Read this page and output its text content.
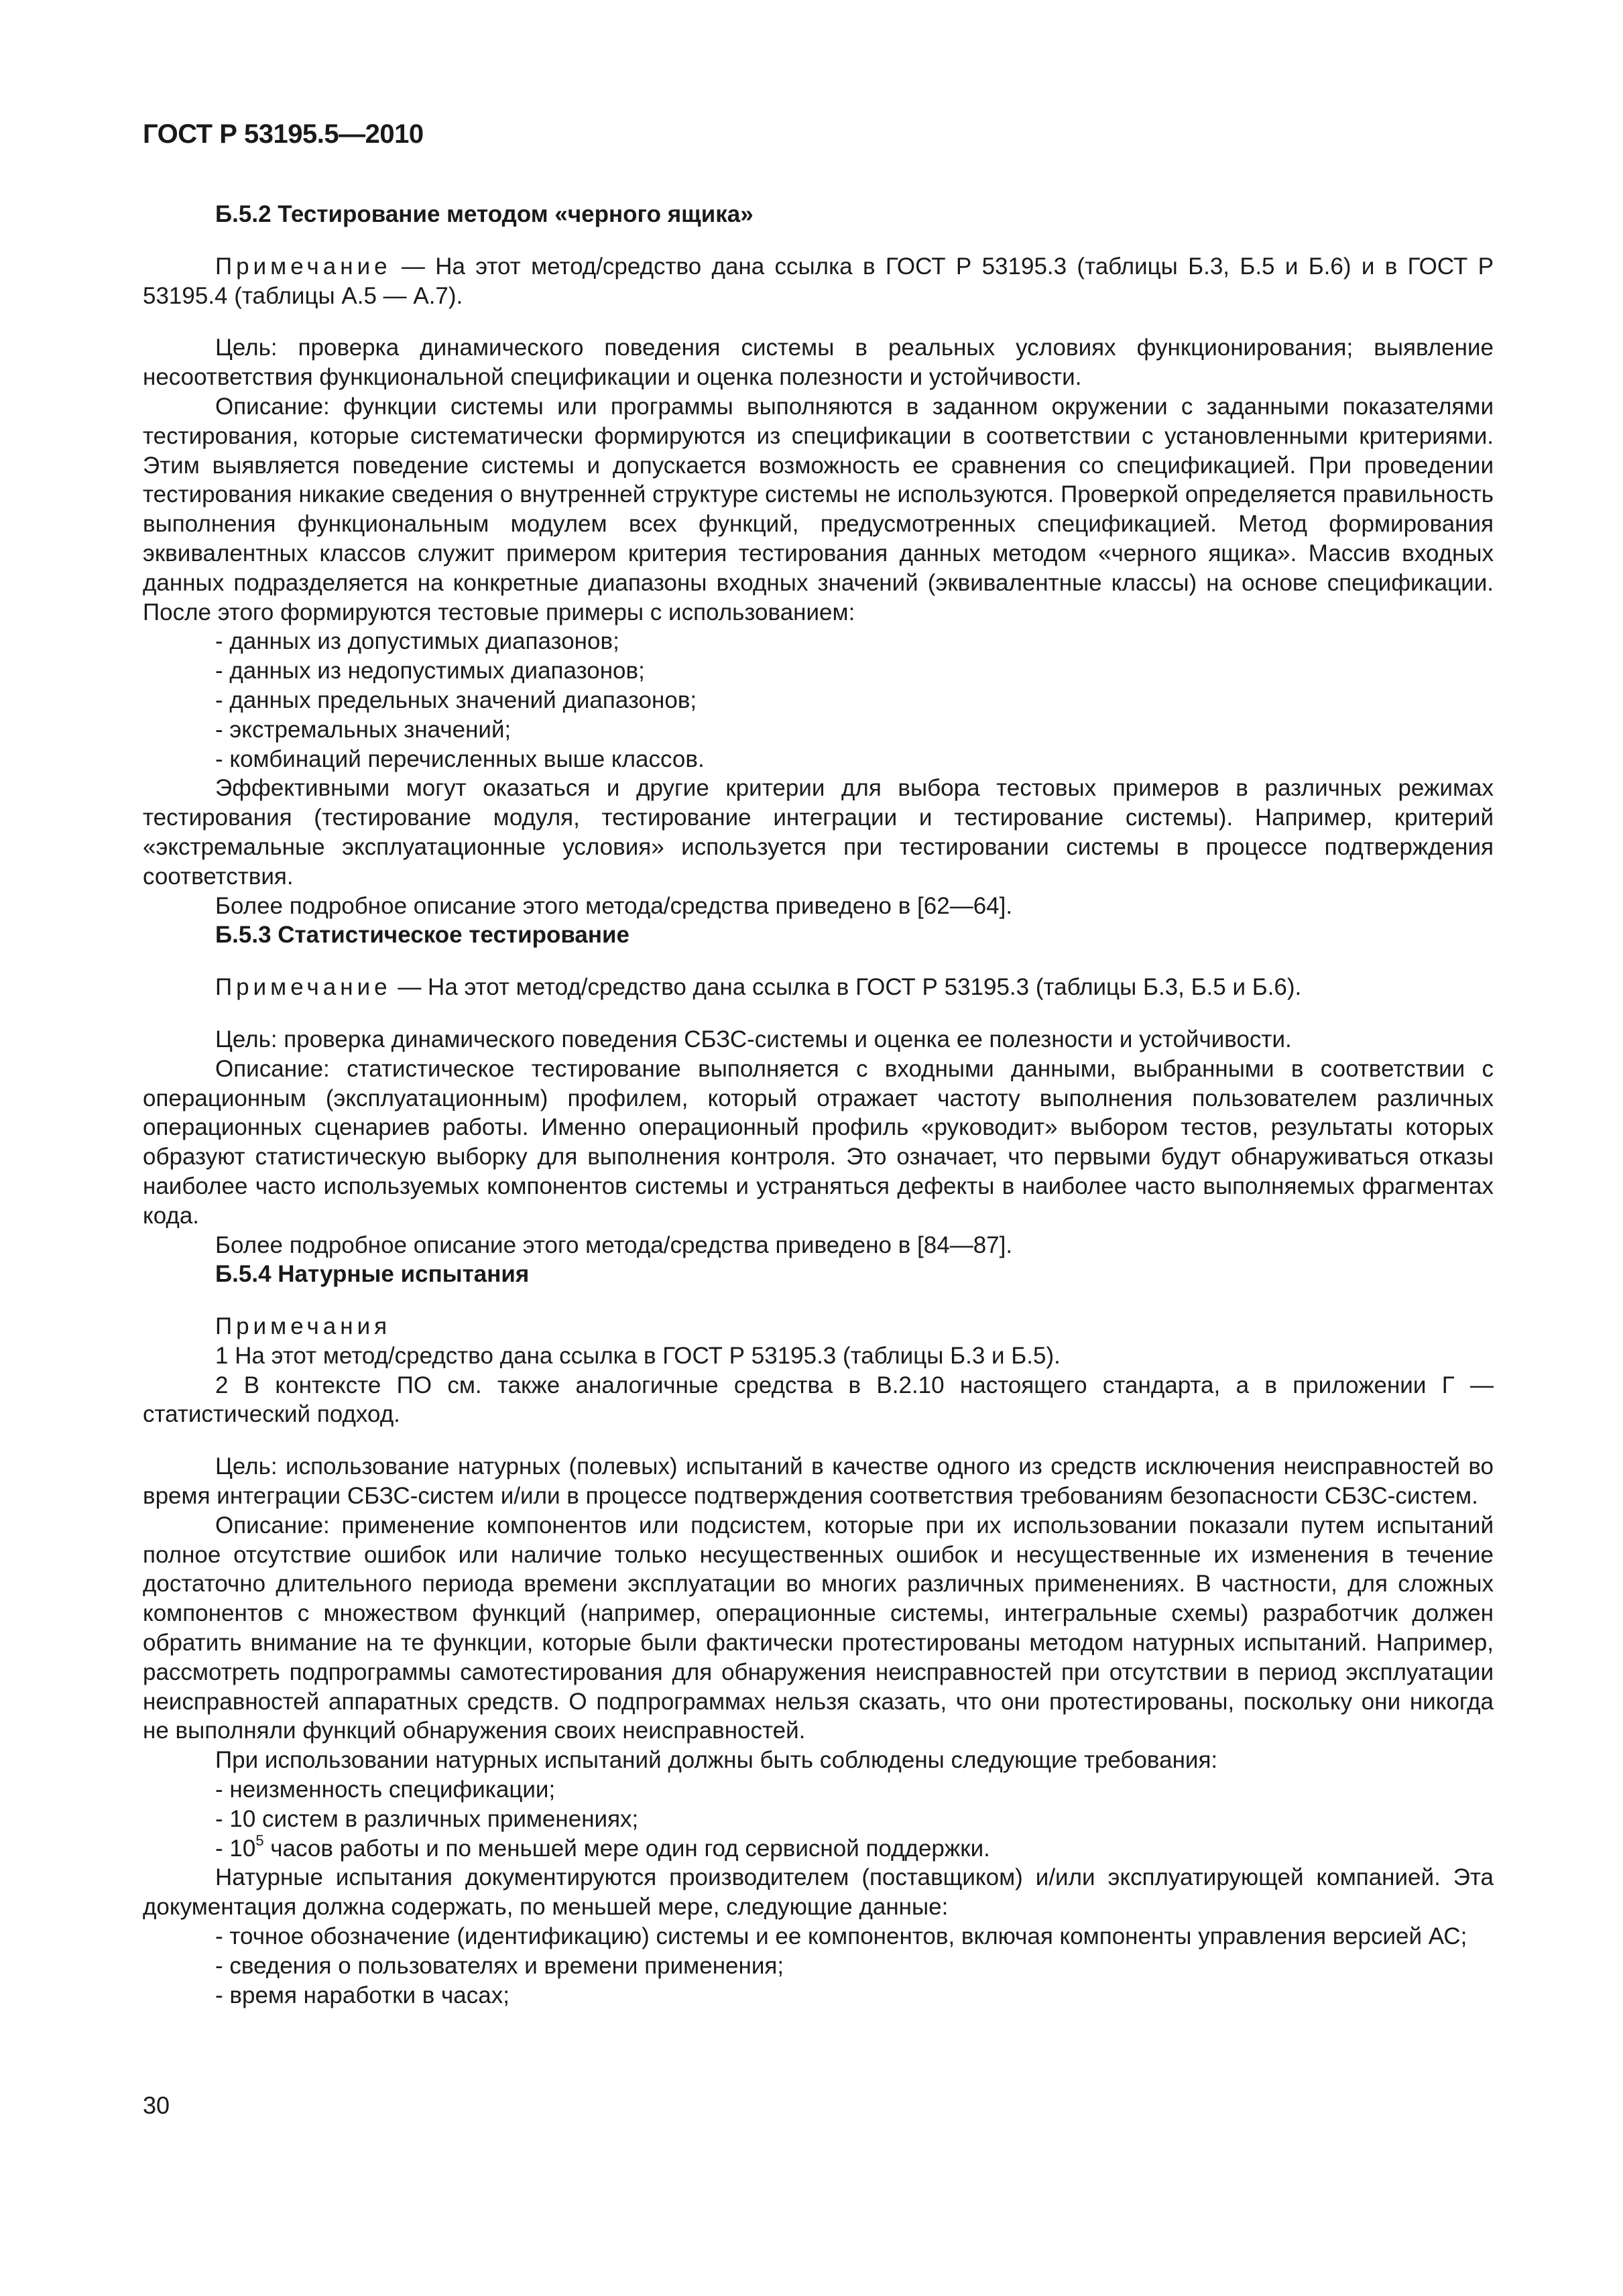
ГОСТ Р 53195.5—2010

Б.5.2 Тестирование методом «черного ящика»

Примечание — На этот метод/средство дана ссылка в ГОСТ Р 53195.3 (таблицы Б.3, Б.5 и Б.6) и в ГОСТ Р 53195.4 (таблицы А.5 — А.7).

Цель: проверка динамического поведения системы в реальных условиях функционирования; выявление несоответствия функциональной спецификации и оценка полезности и устойчивости.

Описание: функции системы или программы выполняются в заданном окружении с заданными показателями тестирования, которые систематически формируются из спецификации в соответствии с установленными критериями. Этим выявляется поведение системы и допускается возможность ее сравнения со спецификацией. При проведении тестирования никакие сведения о внутренней структуре системы не используются. Проверкой определяется правильность выполнения функциональным модулем всех функций, предусмотренных спецификацией. Метод формирования эквивалентных классов служит примером критерия тестирования данных методом «черного ящика». Массив входных данных подразделяется на конкретные диапазоны входных значений (эквивалентные классы) на основе спецификации. После этого формируются тестовые примеры с использованием:

- данных из допустимых диапазонов;
- данных из недопустимых диапазонов;
- данных предельных значений диапазонов;
- экстремальных значений;
- комбинаций перечисленных выше классов.

Эффективными могут оказаться и другие критерии для выбора тестовых примеров в различных режимах тестирования (тестирование модуля, тестирование интеграции и тестирование системы). Например, критерий «экстремальные эксплуатационные условия» используется при тестировании системы в процессе подтверждения соответствия.

Более подробное описание этого метода/средства приведено в [62—64].

Б.5.3 Статистическое тестирование

Примечание — На этот метод/средство дана ссылка в ГОСТ Р 53195.3 (таблицы Б.3, Б.5 и Б.6).

Цель: проверка динамического поведения СБЗС-системы и оценка ее полезности и устойчивости.

Описание: статистическое тестирование выполняется с входными данными, выбранными в соответствии с операционным (эксплуатационным) профилем, который отражает частоту выполнения пользователем различных операционных сценариев работы. Именно операционный профиль «руководит» выбором тестов, результаты которых образуют статистическую выборку для выполнения контроля. Это означает, что первыми будут обнаруживаться отказы наиболее часто используемых компонентов системы и устраняться дефекты в наиболее часто выполняемых фрагментах кода.

Более подробное описание этого метода/средства приведено в [84—87].

Б.5.4 Натурные испытания

Примечания

1 На этот метод/средство дана ссылка в ГОСТ Р 53195.3 (таблицы Б.3 и Б.5).

2 В контексте ПО см. также аналогичные средства в В.2.10 настоящего стандарта, а в приложении Г — статистический подход.

Цель: использование натурных (полевых) испытаний в качестве одного из средств исключения неисправностей во время интеграции СБЗС-систем и/или в процессе подтверждения соответствия требованиям безопасности СБЗС-систем.

Описание: применение компонентов или подсистем, которые при их использовании показали путем испытаний полное отсутствие ошибок или наличие только несущественных ошибок и несущественные их изменения в течение достаточно длительного периода времени эксплуатации во многих различных применениях. В частности, для сложных компонентов с множеством функций (например, операционные системы, интегральные схемы) разработчик должен обратить внимание на те функции, которые были фактически протестированы методом натурных испытаний. Например, рассмотреть подпрограммы самотестирования для обнаружения неисправностей при отсутствии в период эксплуатации неисправностей аппаратных средств. О подпрограммах нельзя сказать, что они протестированы, поскольку они никогда не выполняли функций обнаружения своих неисправностей.

При использовании натурных испытаний должны быть соблюдены следующие требования:

- неизменность спецификации;
- 10 систем в различных применениях;
- $10^5$ часов работы и по меньшей мере один год сервисной поддержки.

Натурные испытания документируются производителем (поставщиком) и/или эксплуатирующей компанией. Эта документация должна содержать, по меньшей мере, следующие данные:

- точное обозначение (идентификацию) системы и ее компонентов, включая компоненты управления версией АС;

- сведения о пользователях и времени применения;
- время наработки в часах;
30
